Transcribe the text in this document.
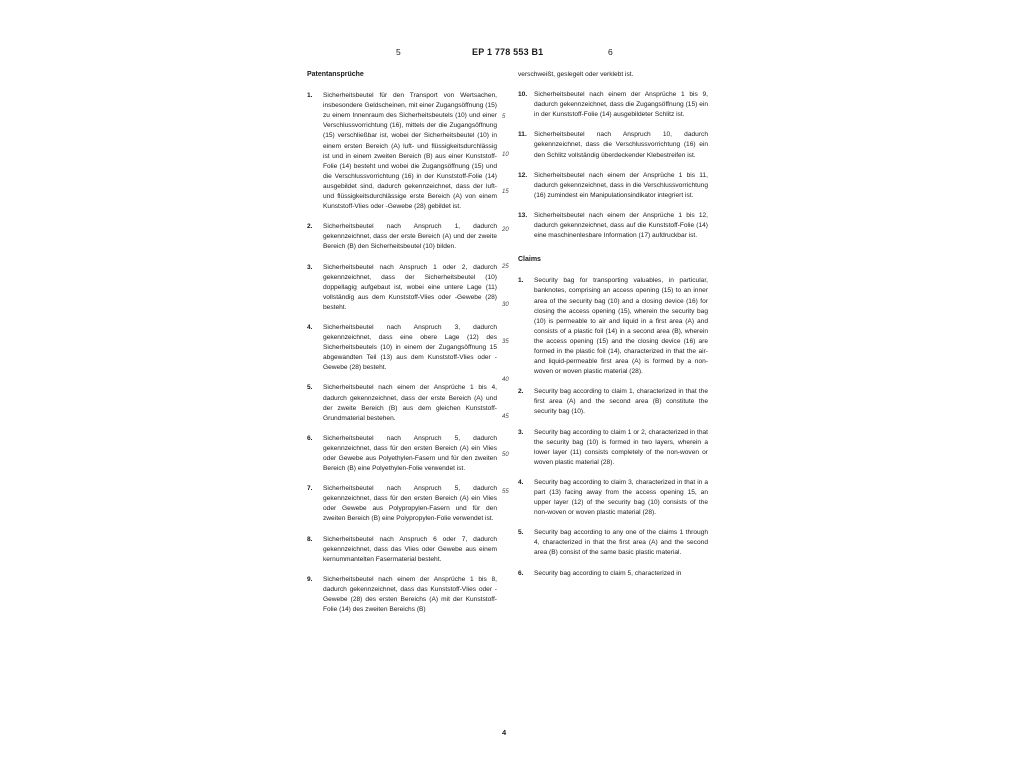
5	EP 1 778 553 B1	6
Patentansprüche
1. Sicherheitsbeutel für den Transport von Wertsachen, insbesondere Geldscheinen, mit einer Zugangsöffnung (15) zu einem Innenraum des Sicherheitsbeutels (10) und einer Verschlussvorrichtung (16), mittels der die Zugangsöffnung (15) verschließbar ist, wobei der Sicherheitsbeutel (10) in einem ersten Bereich (A) luft- und flüssigkeitsdurchlässig ist und in einem zweiten Bereich (B) aus einer Kunststoff-Folie (14) besteht und wobei die Zugangsöffnung (15) und die Verschlussvorrichtung (16) in der Kunststoff-Folie (14) ausgebildet sind, dadurch gekennzeichnet, dass der luft- und flüssigkeitsdurchlässige erste Bereich (A) von einem Kunststoff-Vlies oder -Gewebe (28) gebildet ist.
2. Sicherheitsbeutel nach Anspruch 1, dadurch gekennzeichnet, dass der erste Bereich (A) und der zweite Bereich (B) den Sicherheitsbeutel (10) bilden.
3. Sicherheitsbeutel nach Anspruch 1 oder 2, dadurch gekennzeichnet, dass der Sicherheitsbeutel (10) doppellagig aufgebaut ist, wobei eine untere Lage (11) vollständig aus dem Kunststoff-Vlies oder -Gewebe (28) besteht.
4. Sicherheitsbeutel nach Anspruch 3, dadurch gekennzeichnet, dass eine obere Lage (12) des Sicherheitsbeutels (10) in einem der Zugangsöffnung 15 abgewandten Teil (13) aus dem Kunststoff-Vlies oder -Gewebe (28) besteht.
5. Sicherheitsbeutel nach einem der Ansprüche 1 bis 4, dadurch gekennzeichnet, dass der erste Bereich (A) und der zweite Bereich (B) aus dem gleichen Kunststoff-Grundmaterial bestehen.
6. Sicherheitsbeutel nach Anspruch 5, dadurch gekennzeichnet, dass für den ersten Bereich (A) ein Vlies oder Gewebe aus Polyethylen-Fasern und für den zweiten Bereich (B) eine Polyethylen-Folie verwendet ist.
7. Sicherheitsbeutel nach Anspruch 5, dadurch gekennzeichnet, dass für den ersten Bereich (A) ein Vlies oder Gewebe aus Polypropylen-Fasern und für den zweiten Bereich (B) eine Polypropylen-Folie verwendet ist.
8. Sicherheitsbeutel nach Anspruch 6 oder 7, dadurch gekennzeichnet, dass das Vlies oder Gewebe aus einem kernummantelten Fasermaterial besteht.
9. Sicherheitsbeutel nach einem der Ansprüche 1 bis 8, dadurch gekennzeichnet, dass das Kunststoff-Vlies oder -Gewebe (28) des ersten Bereichs (A) mit der Kunststoff-Folie (14) des zweiten Bereichs (B)
verschweißt, geslegelt oder verklebt ist.
10. Sicherheitsbeutel nach einem der Ansprüche 1 bis 9, dadurch gekennzeichnet, dass die Zugangsöffnung (15) ein in der Kunststoff-Folie (14) ausgebildeter Schlitz ist.
11. Sicherheitsbeutel nach Anspruch 10, dadurch gekennzeichnet, dass die Verschlussvorrichtung (16) ein den Schlitz vollständig überdeckender Klebestreifen ist.
12. Sicherheitsbeutel nach einem der Ansprüche 1 bis 11, dadurch gekennzeichnet, dass in die Verschlussvorrichtung (16) zumindest ein Manipulationsindikator integriert ist.
13. Sicherheitsbeutel nach einem der Ansprüche 1 bis 12, dadurch gekennzeichnet, dass auf die Kunststoff-Folie (14) eine maschinenlesbare Information (17) aufdruckbar ist.
Claims
1. Security bag for transporting valuables, in particular, banknotes, comprising an access opening (15) to an inner area of the security bag (10) and a closing device (16) for closing the access opening (15), wherein the security bag (10) is permeable to air and liquid in a first area (A) and consists of a plastic foil (14) in a second area (B), wherein the access opening (15) and the closing device (16) are formed in the plastic foil (14), characterized in that the air- and liquid-permeable first area (A) is formed by a non-woven or woven plastic material (28).
2. Security bag according to claim 1, characterized in that the first area (A) and the second area (B) constitute the security bag (10).
3. Security bag according to claim 1 or 2, characterized in that the security bag (10) is formed in two layers, wherein a lower layer (11) consists completely of the non-woven or woven plastic material (28).
4. Security bag according to claim 3, characterized in that in a part (13) facing away from the access opening 15, an upper layer (12) of the security bag (10) consists of the non-woven or woven plastic material (28).
5. Security bag according to any one of the claims 1 through 4, characterized in that the first area (A) and the second area (B) consist of the same basic plastic material.
6. Security bag according to claim 5, characterized in
5
10
15
20
25
30
35
40
45
50
55
4
